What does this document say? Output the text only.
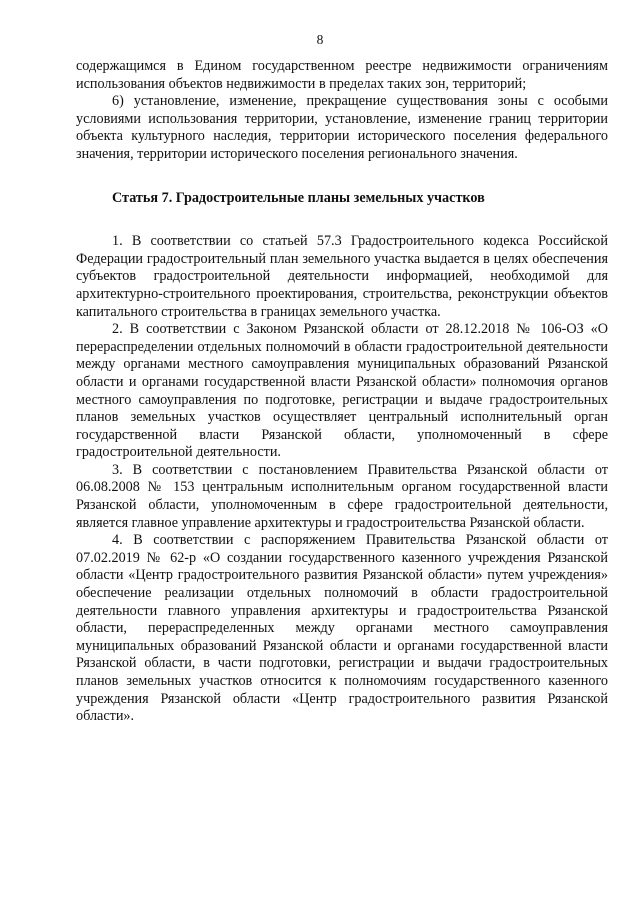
8

содержащимся в Едином государственном реестре недвижимости ограничениям использования объектов недвижимости в пределах таких зон, территорий;

6) установление, изменение, прекращение существования зоны с особыми условиями использования территории, установление, изменение границ территории объекта культурного наследия, территории исторического поселения федерального значения, территории исторического поселения регионального значения.

Статья 7. Градостроительные планы земельных участков

1. В соответствии со статьей 57.3 Градостроительного кодекса Российской Федерации градостроительный план земельного участка выдается в целях обеспечения субъектов градостроительной деятельности информацией, необходимой для архитектурно-строительного проектирования, строительства, реконструкции объектов капитального строительства в границах земельного участка.

2. В соответствии с Законом Рязанской области от 28.12.2018 № 106-ОЗ «О перераспределении отдельных полномочий в области градостроительной деятельности между органами местного самоуправления муниципальных образований Рязанской области и органами государственной власти Рязанской области» полномочия органов местного самоуправления по подготовке, регистрации и выдаче градостроительных планов земельных участков осуществляет центральный исполнительный орган государственной власти Рязанской области, уполномоченный в сфере градостроительной деятельности.

3. В соответствии с постановлением Правительства Рязанской области от 06.08.2008 № 153 центральным исполнительным органом государственной власти Рязанской области, уполномоченным в сфере градостроительной деятельности, является главное управление архитектуры и градостроительства Рязанской области.

4. В соответствии с распоряжением Правительства Рязанской области от 07.02.2019 № 62-р «О создании государственного казенного учреждения Рязанской области «Центр градостроительного развития Рязанской области» путем учреждения» обеспечение реализации отдельных полномочий в области градостроительной деятельности главного управления архитектуры и градостроительства Рязанской области, перераспределенных между органами местного самоуправления муниципальных образований Рязанской области и органами государственной власти Рязанской области, в части подготовки, регистрации и выдачи градостроительных планов земельных участков относится к полномочиям государственного казенного учреждения Рязанской области «Центр градостроительного развития Рязанской области».
